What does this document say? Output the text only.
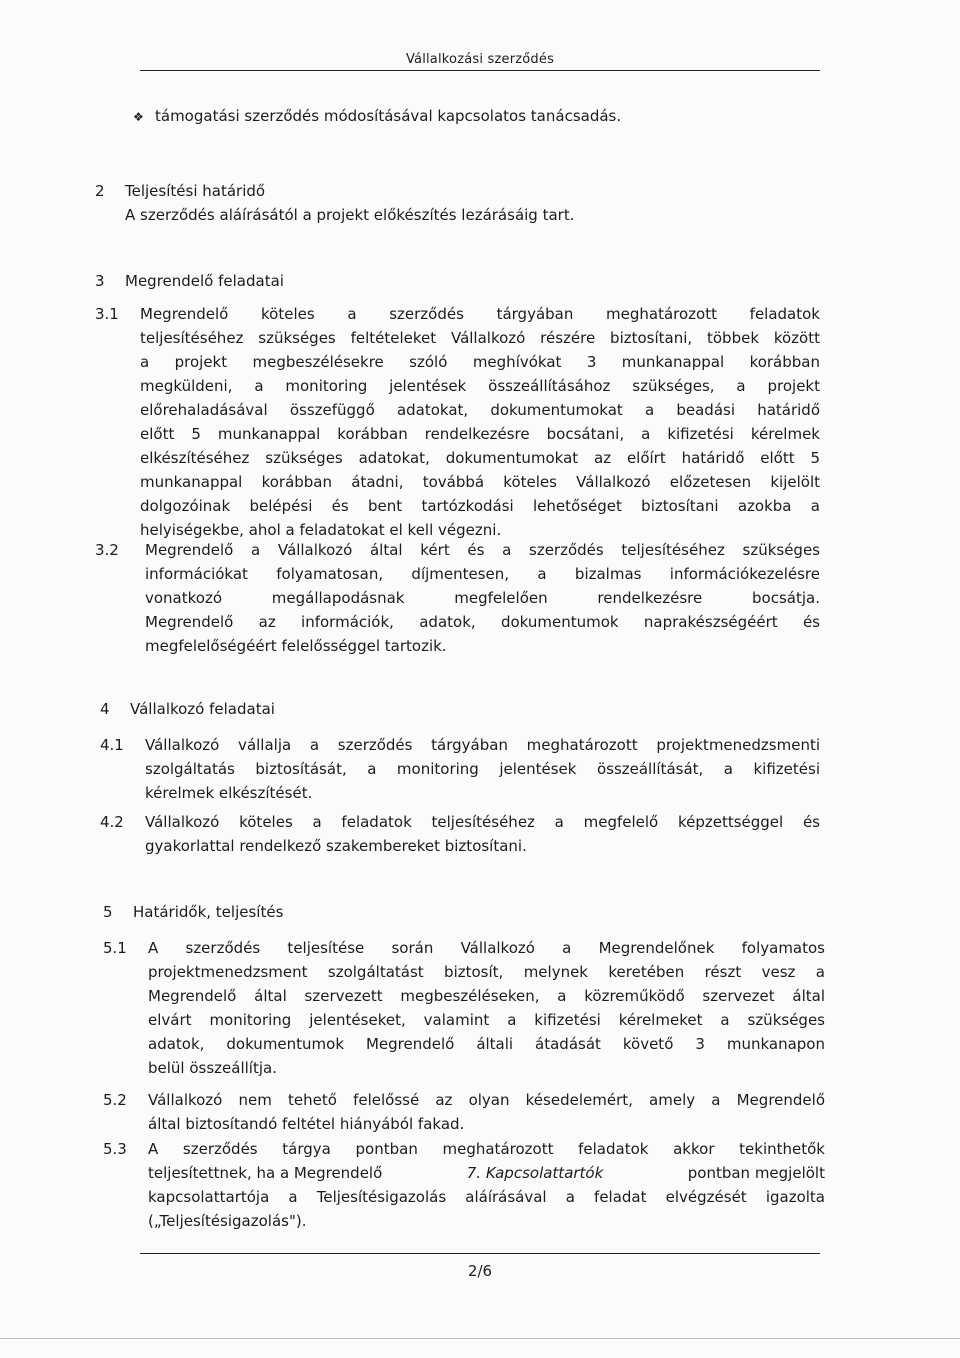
Vállalkozási szerződés
❖ támogatási szerződés módosításával kapcsolatos tanácsadás.
2 Teljesítési határidő
A szerződés aláírásától a projekt előkészítés lezárásáig tart.
3 Megrendelő feladatai
3.1 Megrendelő köteles a szerződés tárgyában meghatározott feladatok
teljesítéséhez szükséges feltételeket Vállalkozó részére biztosítani, többek között
a projekt megbeszélésekre szóló meghívókat 3 munkanappal korábban
megküldeni, a monitoring jelentések összeállításához szükséges, a projekt
előrehaladásával összefüggő adatokat, dokumentumokat a beadási határidő
előtt 5 munkanappal korábban rendelkezésre bocsátani, a kifizetési kérelmek
elkészítéséhez szükséges adatokat, dokumentumokat az előírt határidő előtt 5
munkanappal korábban átadni, továbbá köteles Vállalkozó előzetesen kijelölt
dolgozóinak belépési és bent tartózkodási lehetőséget biztosítani azokba a
helyiségekbe, ahol a feladatokat el kell végezni.
3.2 Megrendelő a Vállalkozó által kért és a szerződés teljesítéséhez szükséges
információkat folyamatosan, díjmentesen, a bizalmas információkezelésre
vonatkozó megállapodásnak megfelelően rendelkezésre bocsátja.
Megrendelő az információk, adatok, dokumentumok naprakészségéért és
megfelelőségéért felelősséggel tartozik.
4 Vállalkozó feladatai
4.1 Vállalkozó vállalja a szerződés tárgyában meghatározott projektmenedzsmenti
szolgáltatás biztosítását, a monitoring jelentések összeállítását, a kifizetési
kérelmek elkészítését.
4.2 Vállalkozó köteles a feladatok teljesítéséhez a megfelelő képzettséggel és
gyakorlattal rendelkező szakembereket biztosítani.
5 Határidők, teljesítés
5.1 A szerződés teljesítése során Vállalkozó a Megrendelőnek folyamatos
projektmenedzsment szolgáltatást biztosít, melynek keretében részt vesz a
Megrendelő által szervezett megbeszéléseken, a közreműködő szervezet által
elvárt monitoring jelentéseket, valamint a kifizetési kérelmeket a szükséges
adatok, dokumentumok Megrendelő általi átadását követő 3 munkanapon
belül összeállítja.
5.2 Vállalkozó nem tehető felelőssé az olyan késedelemért, amely a Megrendelő
által biztosítandó feltétel hiányából fakad.
5.3 A szerződés tárgya pontban meghatározott feladatok akkor tekinthetők
teljesítettnek, ha a Megrendelő	7. Kapcsolattartók	pontban megjelölt
kapcsolattartója a Teljesítésigazolás aláírásával a feladat elvégzését igazolta
(„Teljesítésigazolás").
2/6
